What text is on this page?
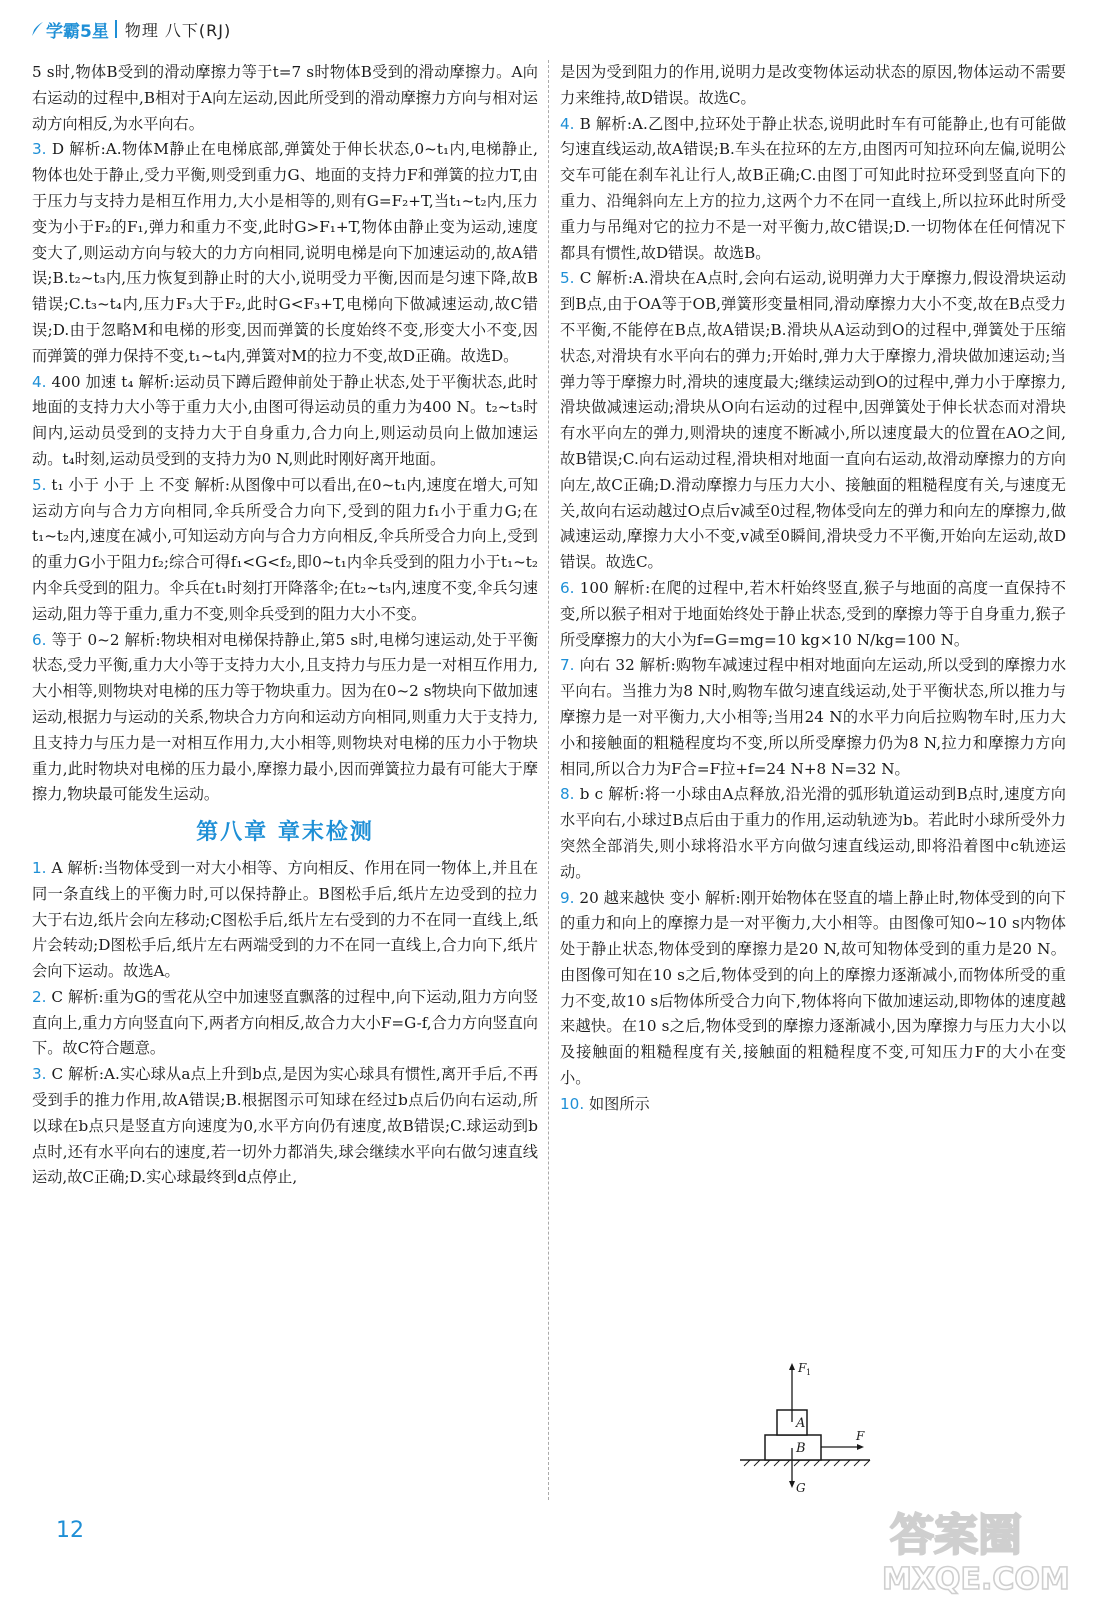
学霸5星 物理 八下(RJ)

5 s时,物体B受到的滑动摩擦力等于t=7 s时物体B受到的滑动摩擦力。A向右运动的过程中,B相对于A向左运动,因此所受到的滑动摩擦力方向与相对运动方向相反,为水平向右。

3. D 解析:A.物体M静止在电梯底部,弹簧处于伸长状态,0~t₁内,电梯静止,物体也处于静止,受力平衡,则受到重力G、地面的支持力F和弹簧的拉力T,由于压力与支持力是相互作用力,大小是相等的,则有G=F₂+T,当t₁~t₂内,压力变为小于F₂的F₁,弹力和重力不变,此时G>F₁+T,物体由静止变为运动,速度变大了,则运动方向与较大的力方向相同,说明电梯是向下加速运动的,故A错误;B.t₂~t₃内,压力恢复到静止时的大小,说明受力平衡,因而是匀速下降,故B错误;C.t₃~t₄内,压力F₃大于F₂,此时G<F₃+T,电梯向下做减速运动,故C错误;D.由于忽略M和电梯的形变,因而弹簧的长度始终不变,形变大小不变,因而弹簧的弹力保持不变,t₁~t₄内,弹簧对M的拉力不变,故D正确。故选D。

4. 400 加速 t₄ 解析:运动员下蹲后蹬伸前处于静止状态,处于平衡状态,此时地面的支持力大小等于重力大小,由图可得运动员的重力为400 N。t₂~t₃时间内,运动员受到的支持力大于自身重力,合力向上,则运动员向上做加速运动。t₄时刻,运动员受到的支持力为0 N,则此时刚好离开地面。

5. t₁ 小于 小于 上 不变 解析:从图像中可以看出,在0~t₁内,速度在增大,可知运动方向与合力方向相同,伞兵所受合力向下,受到的阻力f₁小于重力G;在t₁~t₂内,速度在减小,可知运动方向与合力方向相反,伞兵所受合力向上,受到的重力G小于阻力f₂;综合可得f₁<G<f₂,即0~t₁内伞兵受到的阻力小于t₁~t₂内伞兵受到的阻力。伞兵在t₁时刻打开降落伞;在t₂~t₃内,速度不变,伞兵匀速运动,阻力等于重力,重力不变,则伞兵受到的阻力大小不变。

6. 等于 0~2 解析:物块相对电梯保持静止,第5 s时,电梯匀速运动,处于平衡状态,受力平衡,重力大小等于支持力大小,且支持力与压力是一对相互作用力,大小相等,则物块对电梯的压力等于物块重力。因为在0~2 s物块向下做加速运动,根据力与运动的关系,物块合力方向和运动方向相同,则重力大于支持力,且支持力与压力是一对相互作用力,大小相等,则物块对电梯的压力小于物块重力,此时物块对电梯的压力最小,摩擦力最小,因而弹簧拉力最有可能大于摩擦力,物块最可能发生运动。

第八章 章末检测

1. A 解析:当物体受到一对大小相等、方向相反、作用在同一物体上,并且在同一条直线上的平衡力时,可以保持静止。B图松手后,纸片左边受到的拉力大于右边,纸片会向左移动;C图松手后,纸片左右受到的力不在同一直线上,纸片会转动;D图松手后,纸片左右两端受到的力不在同一直线上,合力向下,纸片会向下运动。故选A。

2. C 解析:重为G的雪花从空中加速竖直飘落的过程中,向下运动,阻力方向竖直向上,重力方向竖直向下,两者方向相反,故合力大小F=G-f,合力方向竖直向下。故C符合题意。

3. C 解析:A.实心球从a点上升到b点,是因为实心球具有惯性,离开手后,不再受到手的推力作用,故A错误;B.根据图示可知球在经过b点后仍向右运动,所以球在b点只是竖直方向速度为0,水平方向仍有速度,故B错误;C.球运动到b点时,还有水平向右的速度,若一切外力都消失,球会继续水平向右做匀速直线运动,故C正确;D.实心球最终到d点停止,

是因为受到阻力的作用,说明力是改变物体运动状态的原因,物体运动不需要力来维持,故D错误。故选C。

4. B 解析:A.乙图中,拉环处于静止状态,说明此时车有可能静止,也有可能做匀速直线运动,故A错误;B.车头在拉环的左方,由图丙可知拉环向左偏,说明公交车可能在刹车礼让行人,故B正确;C.由图丁可知此时拉环受到竖直向下的重力、沿绳斜向左上方的拉力,这两个力不在同一直线上,所以拉环此时所受重力与吊绳对它的拉力不是一对平衡力,故C错误;D.一切物体在任何情况下都具有惯性,故D错误。故选B。

5. C 解析:A.滑块在A点时,会向右运动,说明弹力大于摩擦力,假设滑块运动到B点,由于OA等于OB,弹簧形变量相同,滑动摩擦力大小不变,故在B点受力不平衡,不能停在B点,故A错误;B.滑块从A运动到O的过程中,弹簧处于压缩状态,对滑块有水平向右的弹力;开始时,弹力大于摩擦力,滑块做加速运动;当弹力等于摩擦力时,滑块的速度最大;继续运动到O的过程中,弹力小于摩擦力,滑块做减速运动;滑块从O向右运动的过程中,因弹簧处于伸长状态而对滑块有水平向左的弹力,则滑块的速度不断减小,所以速度最大的位置在AO之间,故B错误;C.向右运动过程,滑块相对地面一直向右运动,故滑动摩擦力的方向向左,故C正确;D.滑动摩擦力与压力大小、接触面的粗糙程度有关,与速度无关,故向右运动越过O点后v减至0过程,物体受向左的弹力和向左的摩擦力,做减速运动,摩擦力大小不变,v减至0瞬间,滑块受力不平衡,开始向左运动,故D错误。故选C。

6. 100 解析:在爬的过程中,若木杆始终竖直,猴子与地面的高度一直保持不变,所以猴子相对于地面始终处于静止状态,受到的摩擦力等于自身重力,猴子所受摩擦力的大小为f=G=mg=10 kg×10 N/kg=100 N。

7. 向右 32 解析:购物车减速过程中相对地面向左运动,所以受到的摩擦力水平向右。当推力为8 N时,购物车做匀速直线运动,处于平衡状态,所以推力与摩擦力是一对平衡力,大小相等;当用24 N的水平力向后拉购物车时,压力大小和接触面的粗糙程度均不变,所以所受摩擦力仍为8 N,拉力和摩擦力方向相同,所以合力为F合=F拉+f=24 N+8 N=32 N。

8. b c 解析:将一小球由A点释放,沿光滑的弧形轨道运动到B点时,速度方向水平向右,小球过B点后由于重力的作用,运动轨迹为b。若此时小球所受外力突然全部消失,则小球将沿水平方向做匀速直线运动,即将沿着图中c轨迹运动。

9. 20 越来越快 变小 解析:刚开始物体在竖直的墙上静止时,物体受到的向下的重力和向上的摩擦力是一对平衡力,大小相等。由图像可知0~10 s内物体处于静止状态,物体受到的摩擦力是20 N,故可知物体受到的重力是20 N。由图像可知在10 s之后,物体受到的向上的摩擦力逐渐减小,而物体所受的重力不变,故10 s后物体所受合力向下,物体将向下做加速运动,即物体的速度越来越快。在10 s之后,物体受到的摩擦力逐渐减小,因为摩擦力与压力大小以及接触面的粗糙程度有关,接触面的粗糙程度不变,可知压力F的大小在变小。

10. 如图所示

A
B
F 1
F
G
12	答案圈
MXQE.COM
